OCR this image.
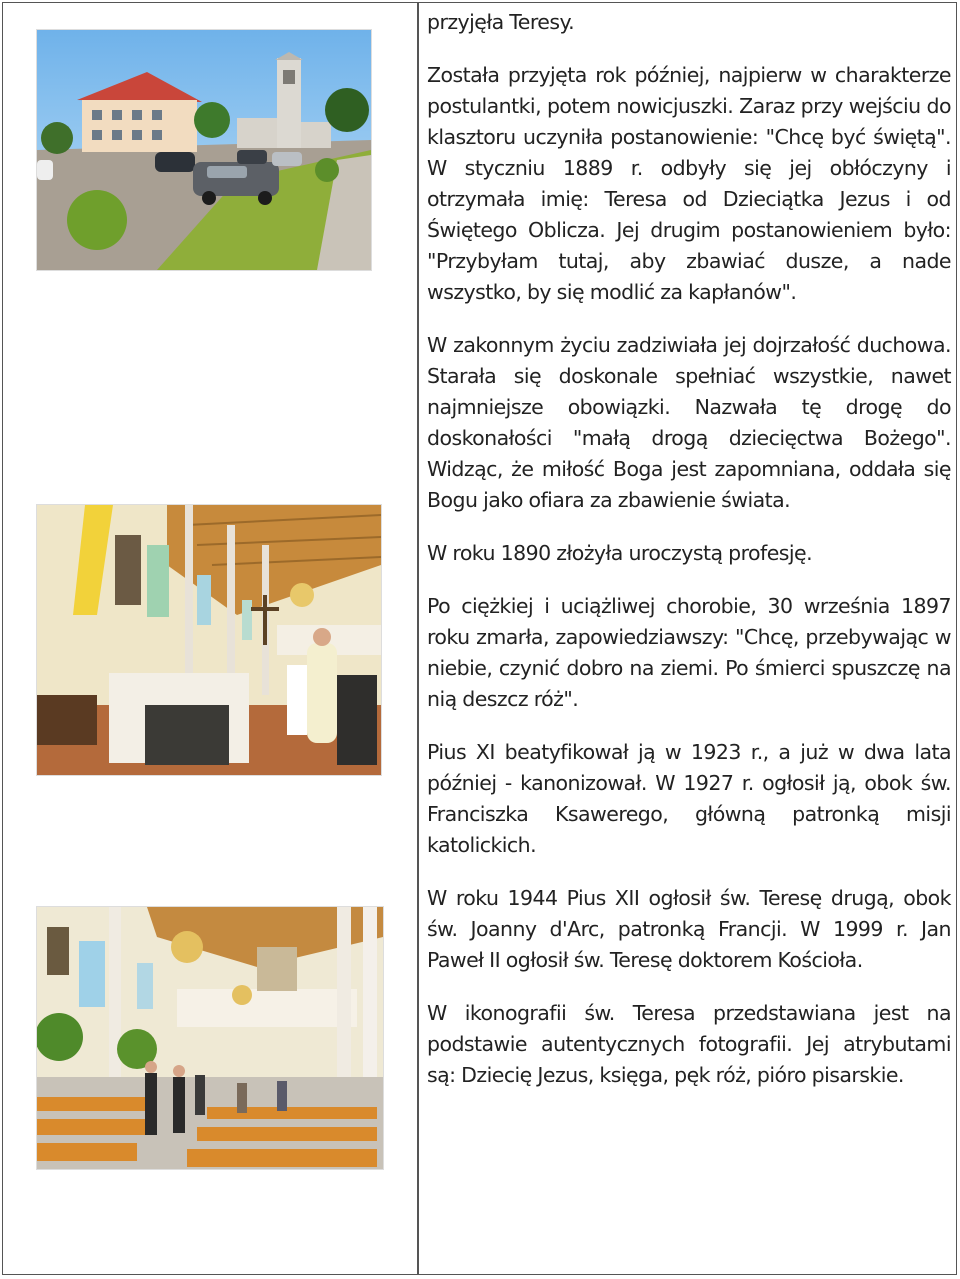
przyjęła Teresy.

Została przyjęta rok później, najpierw w charakterze postulantki, potem nowicjuszki. Zaraz przy wejściu do klasztoru uczyniła postanowienie: "Chcę być świętą". W styczniu 1889 r. odbyły się jej obłóczyny i otrzymała imię: Teresa od Dzieciątka Jezus i od Świętego Oblicza. Jej drugim postanowieniem było: "Przybyłam tutaj, aby zbawiać dusze, a nade wszystko, by się modlić za kapłanów".

W zakonnym życiu zadziwiała jej dojrzałość duchowa. Starała się doskonale spełniać wszystkie, nawet najmniejsze obowiązki. Nazwała tę drogę do doskonałości "małą drogą dziecięctwa Bożego". Widząc, że miłość Boga jest zapomniana, oddała się Bogu jako ofiara za zbawienie świata.

W roku 1890 złożyła uroczystą profesję.

Po ciężkiej i uciążliwej chorobie, 30 września 1897 roku zmarła, zapowiedziawszy: "Chcę, przebywając w niebie, czynić dobro na ziemi. Po śmierci spuszczę na nią deszcz róż".

Pius XI beatyfikował ją w 1923 r., a już w dwa lata później - kanonizował. W 1927 r. ogłosił ją, obok św. Franciszka Ksawerego, główną patronką misji katolickich.

W roku 1944 Pius XII ogłosił św. Teresę drugą, obok św. Joanny d'Arc, patronką Francji. W 1999 r. Jan Paweł II ogłosił św. Teresę doktorem Kościoła.

W ikonografii św. Teresa przedstawiana jest na podstawie autentycznych fotografii. Jej atrybutami są: Dziecię Jezus, księga, pęk róż, pióro pisarskie.
